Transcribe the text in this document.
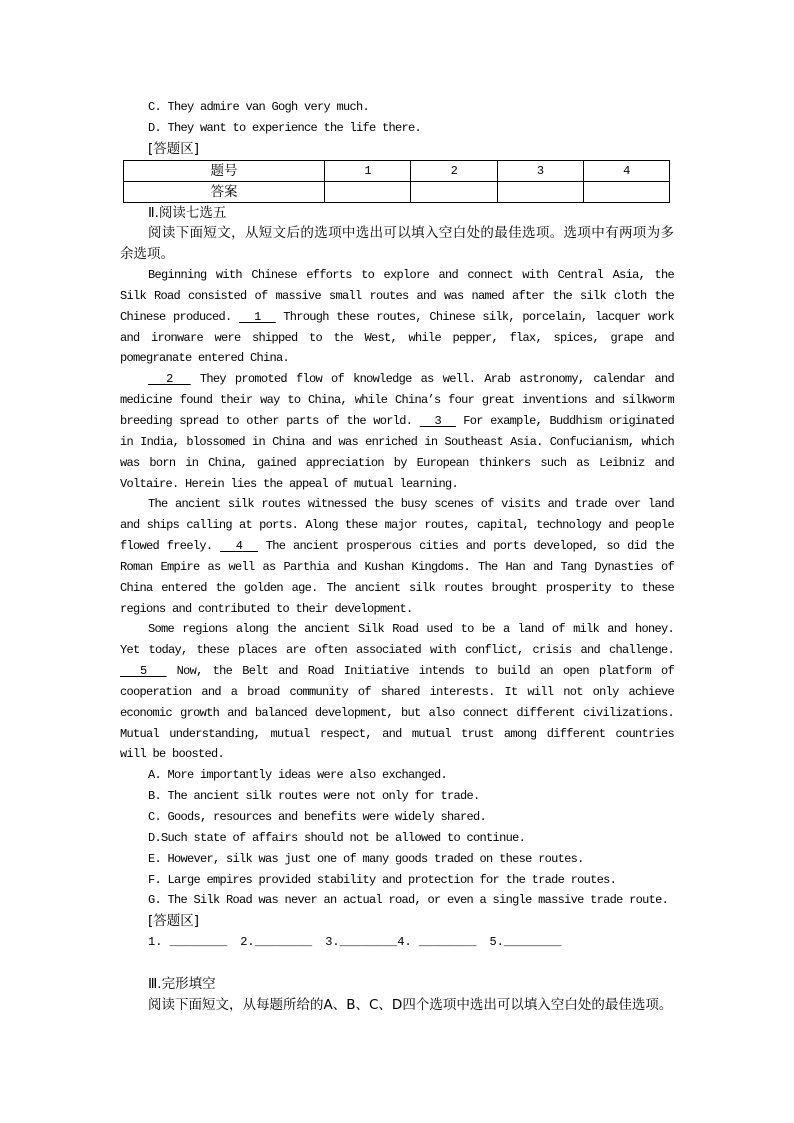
C. They admire van Gogh very much.
D. They want to experience the life there.
[答题区]
题号	1	2	3	4
答案				
Ⅱ.阅读七选五
阅读下面短文，从短文后的选项中选出可以填入空白处的最佳选项。选项中有两项为多
余选项。
Beginning with Chinese efforts to explore and connect with Central Asia, the
Silk Road consisted of massive small routes and was named after the silk cloth the
Chinese produced. 1 Through these routes, Chinese silk, porcelain, lacquer work
and ironware were shipped to the West, while pepper, flax, spices, grape and
pomegranate entered China.
2 They promoted flow of knowledge as well. Arab astronomy, calendar and
medicine found their way to China, while China’s four great inventions and silkworm
breeding spread to other parts of the world. 3 For example, Buddhism originated
in India, blossomed in China and was enriched in Southeast Asia. Confucianism, which
was born in China, gained appreciation by European thinkers such as Leibniz and
Voltaire. Herein lies the appeal of mutual learning.
The ancient silk routes witnessed the busy scenes of visits and trade over land
and ships calling at ports. Along these major routes, capital, technology and people
flowed freely. 4 The ancient prosperous cities and ports developed, so did the
Roman Empire as well as Parthia and Kushan Kingdoms. The Han and Tang Dynasties of
China entered the golden age. The ancient silk routes brought prosperity to these
regions and contributed to their development.
Some regions along the ancient Silk Road used to be a land of milk and honey.
Yet today, these places are often associated with conflict, crisis and challenge.
5	Now, the Belt and Road Initiative intends to build an open platform of
cooperation and a broad community of shared interests. It will not only achieve
economic growth and balanced development, but also connect different civilizations.
Mutual understanding, mutual respect, and mutual trust among different countries
will be boosted.
A. More importantly ideas were also exchanged.
B. The ancient silk routes were not only for trade.
C. Goods, resources and benefits were widely shared.
D.Such state of affairs should not be allowed to continue.
E. However, silk was just one of many goods traded on these routes.
F. Large empires provided stability and protection for the trade routes.
G. The Silk Road was never an actual road, or even a single massive trade route.
[答题区]
1. ________ 2.________ 3.________4. ________ 5.________
Ⅲ.完形填空
阅读下面短文，从每题所给的A、B、C、D四个选项中选出可以填入空白处的最佳选项。
